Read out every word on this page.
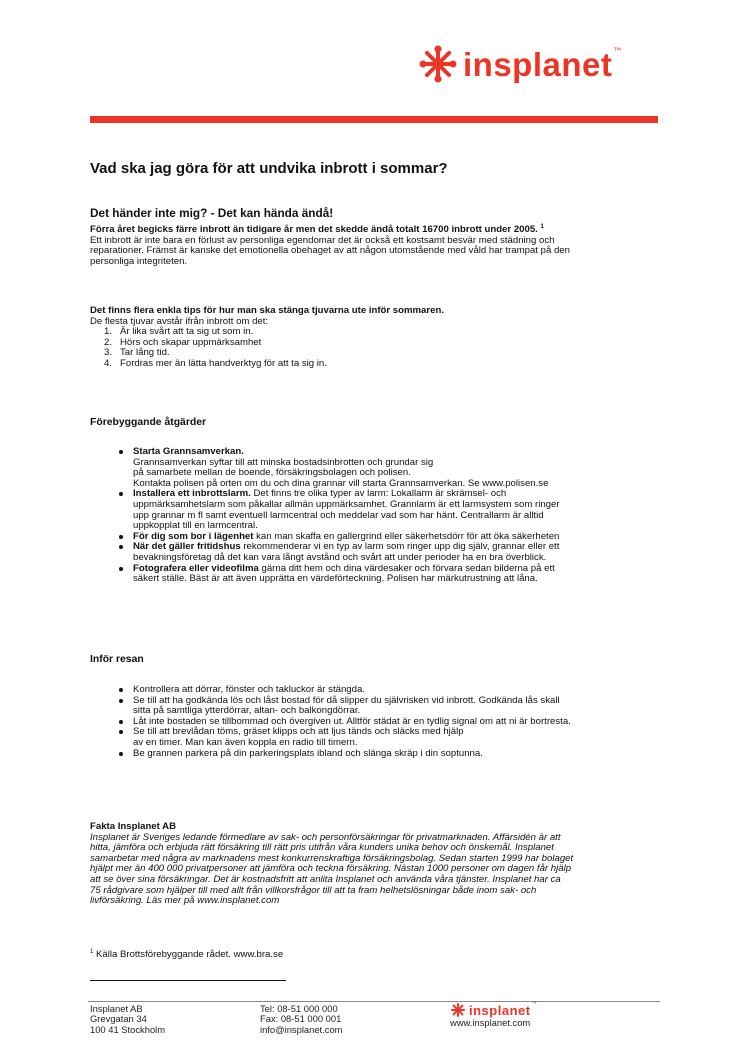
insplanet ™
Vad ska jag göra för att undvika inbrott i sommar?
Det händer inte mig? - Det kan hända ändå!

Förra året begicks färre inbrott än tidigare år men det skedde ändå totalt 16700 inbrott under 2005. $^1$

Ett inbrott är inte bara en förlust av personliga egendomar det är också ett kostsamt besvär med städning och

reparationer. Främst är kanske det emotionella obehaget av att någon utomstående med våld har trampat på den

personliga integriteten.

Det finns flera enkla tips för hur man ska stänga tjuvarna ute inför sommaren.

De flesta tjuvar avstår ifrån inbrott om det:

1. Är lika svårt att ta sig ut som in.
2. Hörs och skapar uppmärksamhet
3. Tar lång tid.
4. Fordras mer än lätta handverktyg för att ta sig in.
Förebyggande åtgärder

Starta Grannsamverkan.

Grannsamverkan syftar till att minska bostadsinbrotten och grundar sig

på samarbete mellan de boende, försäkringsbolagen och polisen.

Kontakta polisen på orten om du och dina grannar vill starta Grannsamverkan. Se www.polisen.se

Installera ett inbrottslarm. Det finns tre olika typer av larm: Lokallarm är skrämsel- och

uppmärksamhetslarm som påkallar allmän uppmärksamhet. Grannlarm är ett larmsystem som ringer

upp grannar m fl samt eventuell larmcentral och meddelar vad som har hänt. Centrallarm är alltid

uppkopplat till en larmcentral.

För dig som bor i lägenhet kan man skaffa en gallergrind eller säkerhetsdörr för att öka säkerheten

När det gäller fritidshus rekommenderar vi en typ av larm som ringer upp dig själv, grannar eller ett

bevakningsföretag då det kan vara långt avstånd och svårt att under perioder ha en bra överblick.

Fotografera eller videofilma gärna ditt hem och dina värdesaker och förvara sedan bilderna på ett

säkert ställe. Bäst är att även upprätta en värdeförteckning. Polisen har märkutrustning att låna.

Inför resan

Kontrollera att dörrar, fönster och takluckor är stängda.

Se till att ha godkända lös och låst bostad för då slipper du självrisken vid inbrott. Godkända lås skall

sitta på samtliga ytterdörrar, altan- och balkongdörrar.

Låt inte bostaden se tillbommad och övergiven ut. Alltför städat är en tydlig signal om att ni är bortresta.

Se till att brevlådan töms, gräset klipps och att ljus tänds och släcks med hjälp

av en timer. Man kan även koppla en radio till timern.

Be grannen parkera på din parkeringsplats ibland och slänga skräp i din soptunna.

Fakta Insplanet AB

Insplanet är Sveriges ledande förmedlare av sak- och personförsäkringar för privatmarknaden. Affärsidén är att

hitta, jämföra och erbjuda rätt försäkring till rätt pris utifrån våra kunders unika behov och önskemål. Insplanet

samarbetar med några av marknadens mest konkurrenskraftiga försäkringsbolag. Sedan starten 1999 har bolaget

hjälpt mer än 400 000 privatpersoner att jämföra och teckna försäkring. Nästan 1000 personer om dagen får hjälp

att se över sina försäkringar. Det är kostnadsfritt att anlita Insplanet och använda våra tjänster. Insplanet har ca

75 rådgivare som hjälper till med allt från villkorsfrågor till att ta fram helhetslösningar både inom sak- och

livförsäkring. Läs mer på www.insplanet.com

$^1$ Källa Brottsförebyggande rådet. www.bra.se

Insplanet AB

Grevgatan 34

100 41 Stockholm

Tel: 08-51 000 000

Fax: 08-51 000 001

info@insplanet.com

insplanet ™
www.insplanet.com
